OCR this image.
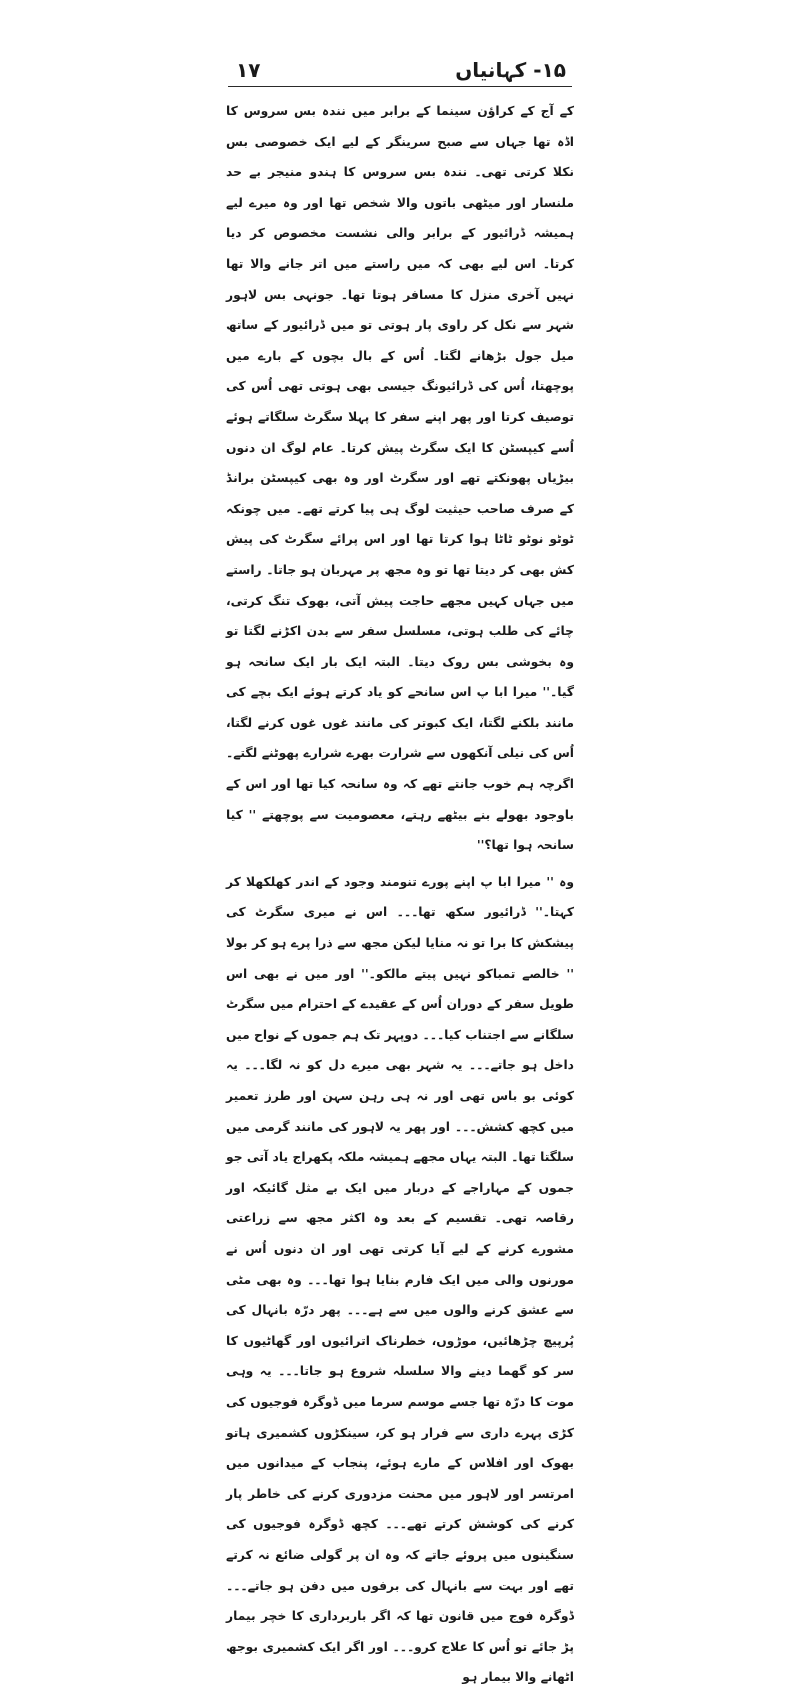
۱۷	۱۵- کہانیاں

کے آج کے کراؤن سینما کے برابر میں نندہ بس سروس کا اڈہ تھا جہاں سے صبح سرینگر کے لیے ایک خصوصی بس نکلا کرتی تھی۔ نندہ بس سروس کا ہندو منیجر بے حد ملنسار اور میٹھی باتوں والا شخص تھا اور وہ میرے لیے ہمیشہ ڈرائیور کے برابر والی نشست مخصوص کر دیا کرتا۔ اس لیے بھی کہ میں راستے میں اتر جانے والا تھا نہیں آخری منزل کا مسافر ہوتا تھا۔ جونہی بس لاہور شہر سے نکل کر راوی پار ہوتی تو میں ڈرائیور کے ساتھ میل جول بڑھانے لگتا۔ اُس کے بال بچوں کے بارے میں پوچھتا، اُس کی ڈرائیونگ جیسی بھی ہوتی تھی اُس کی توصیف کرتا اور پھر اپنے سفر کا پہلا سگرٹ سلگاتے ہوئے اُسے کیپسٹن کا ایک سگرٹ پیش کرتا۔ عام لوگ ان دنوں بیڑیاں پھونکتے تھے اور سگرٹ اور وہ بھی کیپسٹن برانڈ کے صرف صاحب حیثیت لوگ ہی پیا کرتے تھے۔ میں چونکہ ٹوٹو نوٹو ٹاٹا ہوا کرتا تھا اور اس پرائے سگرٹ کی پیش کش بھی کر دیتا تھا تو وہ مجھ پر مہربان ہو جاتا۔ راستے میں جہاں کہیں مجھے حاجت پیش آتی، بھوک تنگ کرتی، چائے کی طلب ہوتی، مسلسل سفر سے بدن اکڑنے لگتا تو وہ بخوشی بس روک دیتا۔ البتہ ایک بار ایک سانحہ ہو گیا۔'' میرا ابا پ اس سانحے کو یاد کرتے ہوئے ایک بچے کی مانند بلکنے لگتا، ایک کبوتر کی مانند غوں غوں کرنے لگتا، اُس کی نیلی آنکھوں سے شرارت بھرے شرارے پھوٹنے لگتے۔ اگرچہ ہم خوب جانتے تھے کہ وہ سانحہ کیا تھا اور اس کے باوجود بھولے بنے بیٹھے رہتے، معصومیت سے پوچھتے '' کیا سانحہ ہوا تھا؟''

وہ '' میرا ابا پ اپنے پورے تنومند وجود کے اندر کھلکھلا کر کہتا۔'' ڈرائیور سکھ تھا۔۔۔ اس نے میری سگرٹ کی پیشکش کا برا تو نہ منایا لیکن مجھ سے ذرا پرے ہو کر بولا '' خالصے تمباکو نہیں پیتے مالکو۔'' اور میں نے بھی اس طویل سفر کے دوران اُس کے عقیدے کے احترام میں سگرٹ سلگانے سے اجتناب کیا۔۔۔ دوپہر تک ہم جموں کے نواح میں داخل ہو جاتے۔۔۔ یہ شہر بھی میرے دل کو نہ لگا۔۔۔ یہ کوئی بو باس تھی اور نہ ہی رہن سہن اور طرز تعمیر میں کچھ کشش۔۔۔ اور پھر یہ لاہور کی مانند گرمی میں سلگتا تھا۔ البتہ یہاں مجھے ہمیشہ ملکہ پکھراج یاد آتی جو جموں کے مہاراجے کے دربار میں ایک بے مثل گائیکہ اور رقاصہ تھی۔ تقسیم کے بعد وہ اکثر مجھ سے زراعتی مشورے کرنے کے لیے آیا کرتی تھی اور ان دنوں اُس نے مورنوں والی میں ایک فارم بنایا ہوا تھا۔۔۔ وہ بھی مٹی سے عشق کرنے والوں میں سے ہے۔۔۔ پھر درّہ بانہال کی پُرپیچ چڑھائیں، موڑوں، خطرناک اترائیوں اور گھاٹیوں کا سر کو گھما دینے والا سلسلہ شروع ہو جاتا۔۔۔ یہ وہی موت کا درّہ تھا جسے موسم سرما میں ڈوگرہ فوجیوں کی کڑی پہرے داری سے فرار ہو کر، سینکڑوں کشمیری ہاتو بھوک اور افلاس کے مارے ہوئے، پنجاب کے میدانوں میں امرتسر اور لاہور میں محنت مزدوری کرنے کی خاطر پار کرنے کی کوشش کرتے تھے۔۔۔ کچھ ڈوگرہ فوجیوں کی سنگینوں میں پروئے جاتے کہ وہ ان پر گولی ضائع نہ کرتے تھے اور بہت سے بانہال کی برفوں میں دفن ہو جاتے۔۔۔ ڈوگرہ فوج میں قانون تھا کہ اگر باربرداری کا خچر بیمار پڑ جائے تو اُس کا علاج کرو۔۔۔ اور اگر ایک کشمیری بوجھ اٹھانے والا بیمار ہو
